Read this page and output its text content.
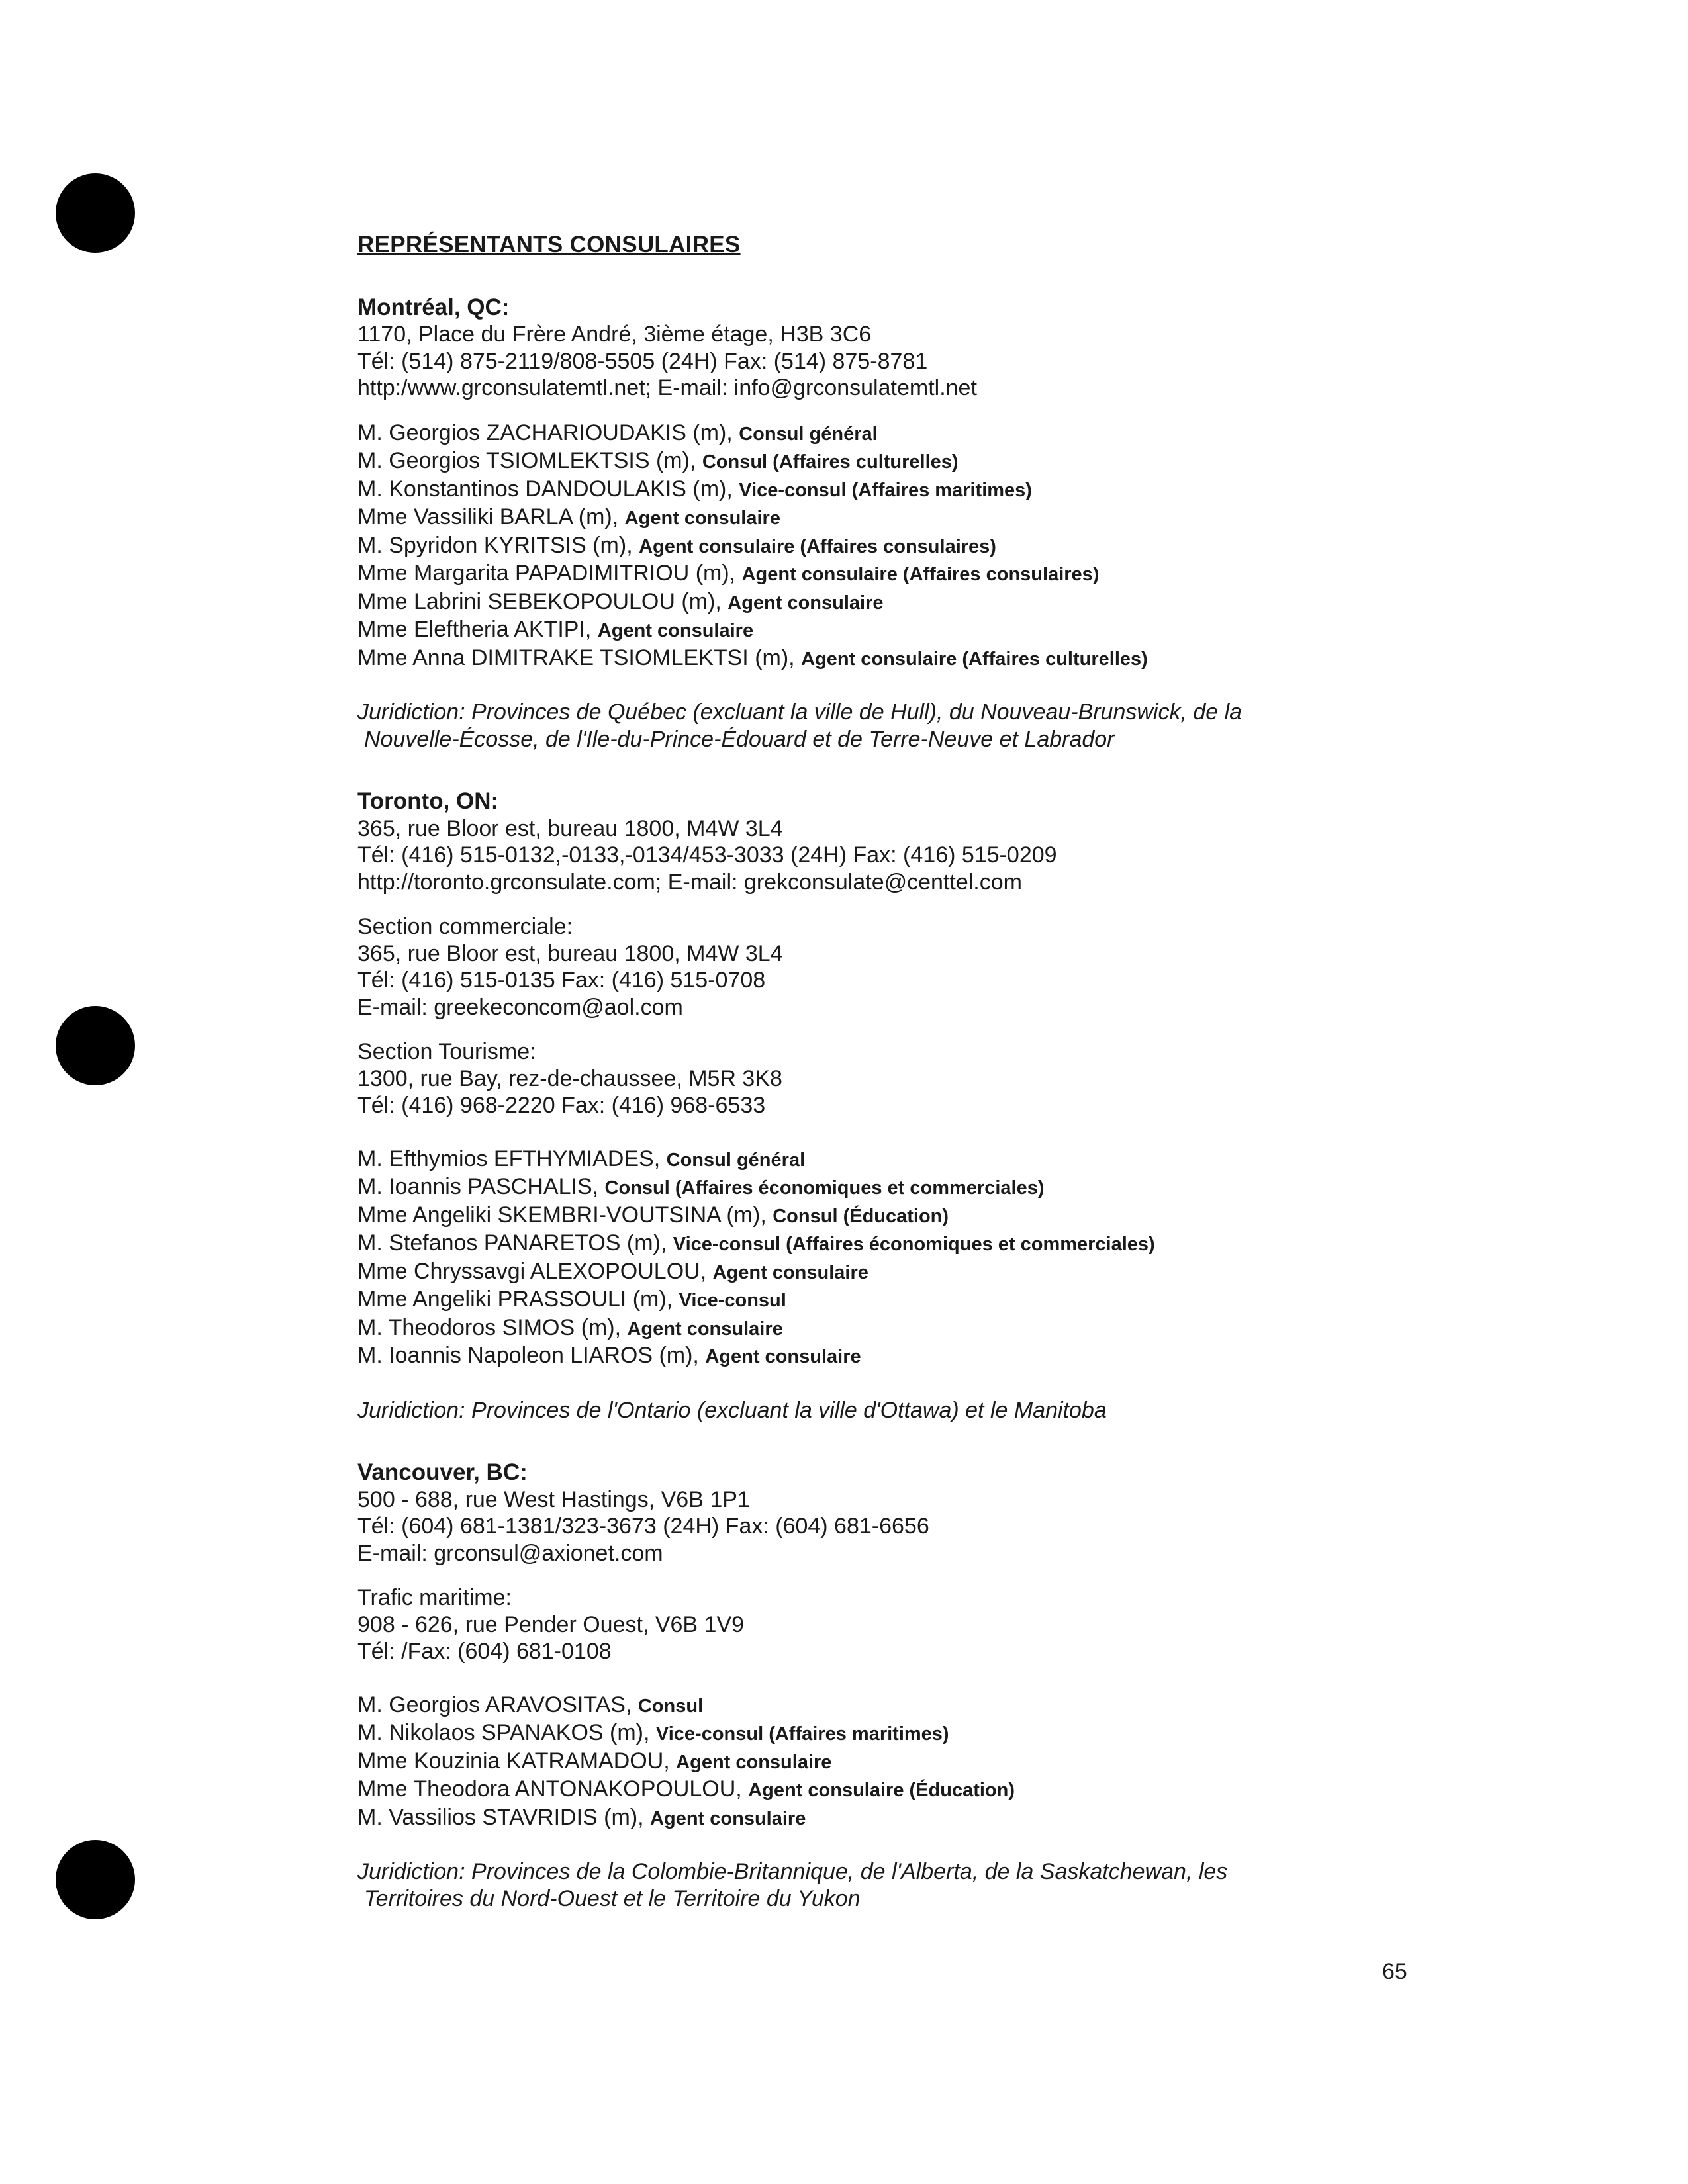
REPRÉSENTANTS CONSULAIRES

Montréal, QC:

1170, Place du Frère André, 3ième étage, H3B 3C6

Tél: (514) 875-2119/808-5505 (24H) Fax: (514) 875-8781

http:/www.grconsulatemtl.net; E-mail: info@grconsulatemtl.net

M. Georgios ZACHARIOUDAKIS (m), Consul général

M. Georgios TSIOMLEKTSIS (m), Consul (Affaires culturelles)

M. Konstantinos DANDOULAKIS (m), Vice-consul (Affaires maritimes)

Mme Vassiliki BARLA (m), Agent consulaire

M. Spyridon KYRITSIS (m), Agent consulaire (Affaires consulaires)

Mme Margarita PAPADIMITRIOU (m), Agent consulaire (Affaires consulaires)

Mme Labrini SEBEKOPOULOU (m), Agent consulaire

Mme Eleftheria AKTIPI, Agent consulaire

Mme Anna DIMITRAKE TSIOMLEKTSI (m), Agent consulaire (Affaires culturelles)

Juridiction: Provinces de Québec (excluant la ville de Hull), du Nouveau-Brunswick, de la
Nouvelle-Écosse, de l'Ile-du-Prince-Édouard et de Terre-Neuve et Labrador

Toronto, ON:

365, rue Bloor est, bureau 1800, M4W 3L4

Tél: (416) 515-0132,-0133,-0134/453-3033 (24H) Fax: (416) 515-0209

http://toronto.grconsulate.com; E-mail: grekconsulate@centtel.com

Section commerciale:

365, rue Bloor est, bureau 1800, M4W 3L4

Tél: (416) 515-0135 Fax: (416) 515-0708

E-mail: greekeconcom@aol.com

Section Tourisme:

1300, rue Bay, rez-de-chaussee, M5R 3K8

Tél: (416) 968-2220 Fax: (416) 968-6533

M. Efthymios EFTHYMIADES, Consul général

M. Ioannis PASCHALIS, Consul (Affaires économiques et commerciales)

Mme Angeliki SKEMBRI-VOUTSINA (m), Consul (Éducation)

M. Stefanos PANARETOS (m), Vice-consul (Affaires économiques et commerciales)

Mme Chryssavgi ALEXOPOULOU, Agent consulaire

Mme Angeliki PRASSOULI (m), Vice-consul

M. Theodoros SIMOS (m), Agent consulaire

M. Ioannis Napoleon LIAROS (m), Agent consulaire

Juridiction: Provinces de l'Ontario (excluant la ville d'Ottawa) et le Manitoba

Vancouver, BC:

500 - 688, rue West Hastings, V6B 1P1

Tél: (604) 681-1381/323-3673 (24H) Fax: (604) 681-6656

E-mail: grconsul@axionet.com

Trafic maritime:

908 - 626, rue Pender Ouest, V6B 1V9

Tél: /Fax: (604) 681-0108

M. Georgios ARAVOSITAS, Consul

M. Nikolaos SPANAKOS (m), Vice-consul (Affaires maritimes)

Mme Kouzinia KATRAMADOU, Agent consulaire

Mme Theodora ANTONAKOPOULOU, Agent consulaire (Éducation)

M. Vassilios STAVRIDIS (m), Agent consulaire

Juridiction: Provinces de la Colombie-Britannique, de l'Alberta, de la Saskatchewan, les
Territoires du Nord-Ouest et le Territoire du Yukon

65
